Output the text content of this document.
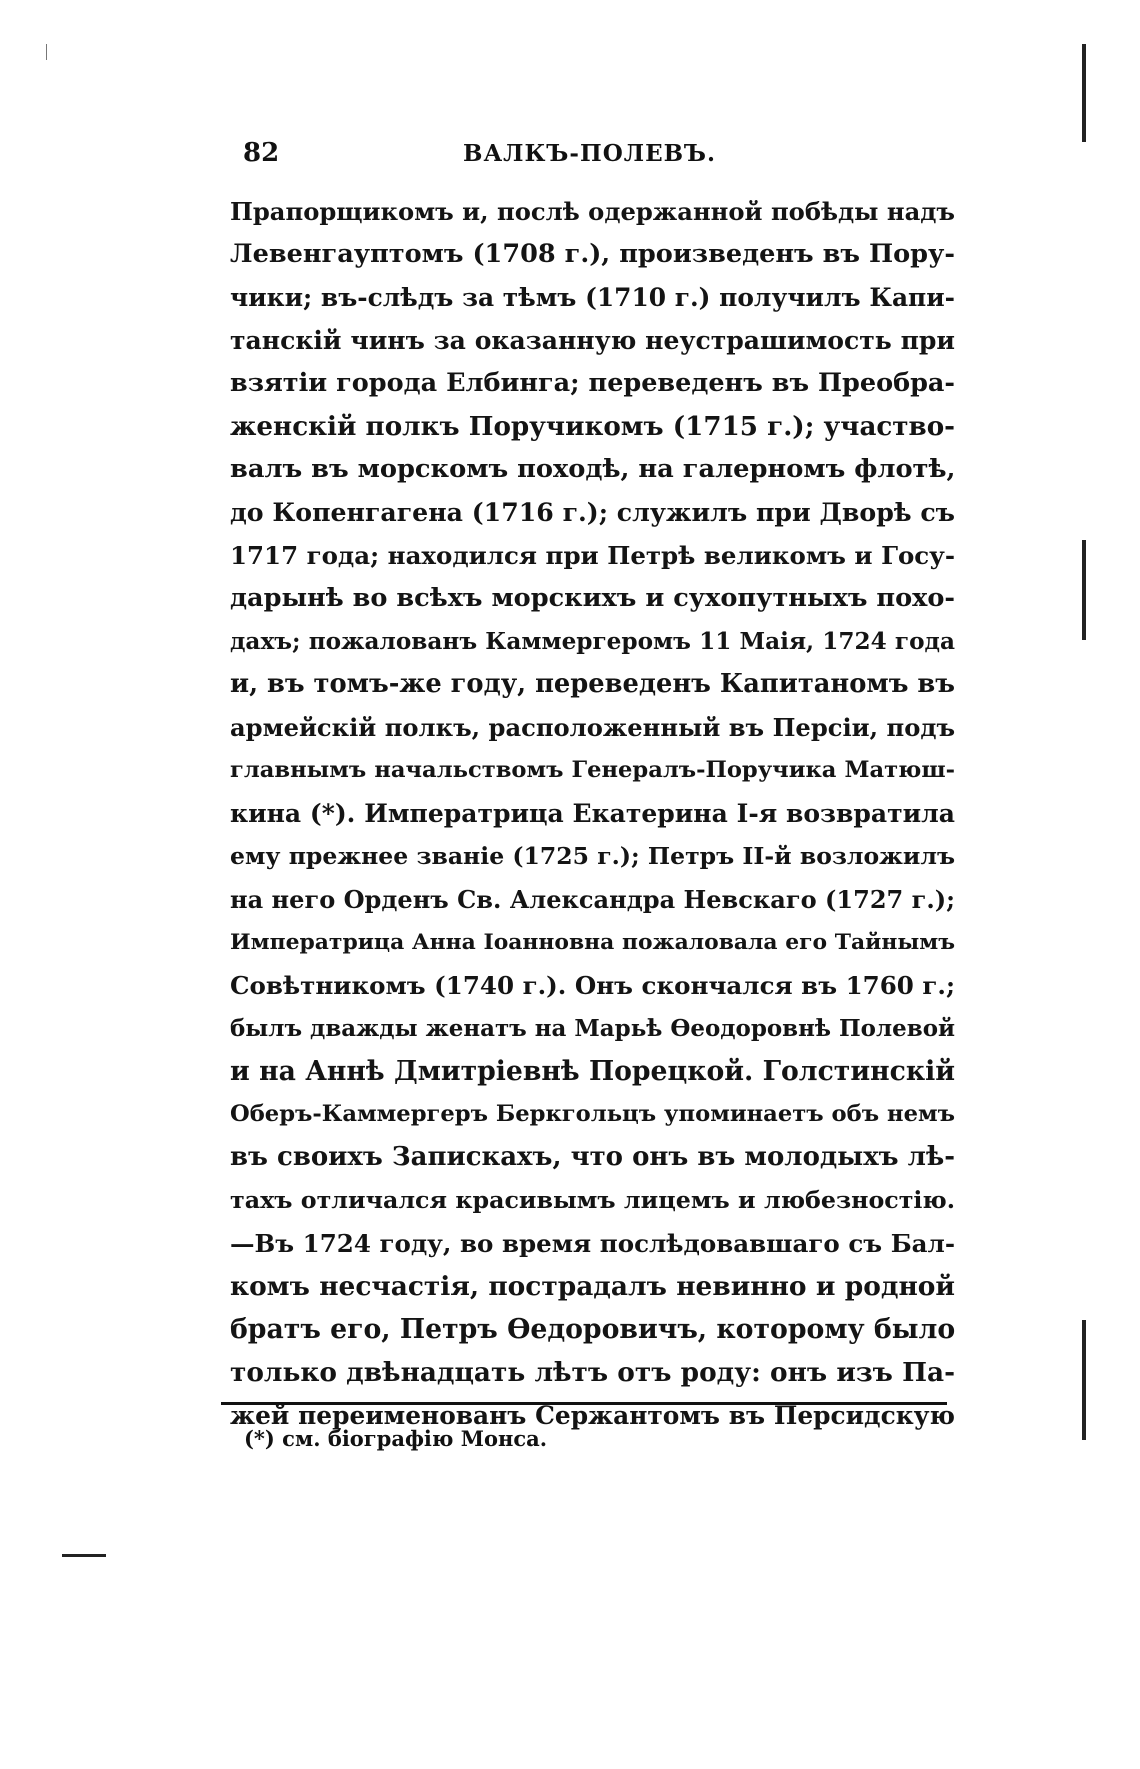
82	ВАЛКЪ-ПОЛЕВЪ.
Прапорщикомъ и, послѣ одержанной побѣды надъ
Левенгауптомъ (1708 г.), произведенъ въ Пору-
чики; въ-слѣдъ за тѣмъ (1710 г.) получилъ Капи-
танскій чинъ за оказанную неустрашимость при
взятіи города Елбинга; переведенъ въ Преобра-
женскій полкъ Поручикомъ (1715 г.); участво-
валъ въ морскомъ походѣ, на галерномъ флотѣ,
до Копенгагена (1716 г.); служилъ при Дворѣ съ
1717 года; находился при Петрѣ великомъ и Госу-
дарынѣ во всѣхъ морскихъ и сухопутныхъ похо-
дахъ; пожалованъ Каммергеромъ 11 Маія, 1724 года
и, въ томъ-же году, переведенъ Капитаномъ въ
армейскій полкъ, расположенный въ Персіи, подъ
главнымъ начальствомъ Генералъ-Поручика Матюш-
кина (*). Императрица Екатерина I-я возвратила
ему прежнее званіе (1725 г.); Петръ II-й возложилъ
на него Орденъ Св. Александра Невскаго (1727 г.);
Императрица Анна Іоанновна пожаловала его Тайнымъ
Совѣтникомъ (1740 г.). Онъ скончался въ 1760 г.;
былъ дважды женатъ на Марьѣ Ѳеодоровнѣ Полевой
и на Аннѣ Дмитріевнѣ Порецкой. Голстинскій
Оберъ-Каммергеръ Беркгольцъ упоминаетъ объ немъ
въ своихъ Запискахъ, что онъ въ молодыхъ лѣ-
тахъ отличался красивымъ лицемъ и любезностію.
—Въ 1724 году, во время послѣдовавшаго съ Бал-
комъ несчастія, пострадалъ невинно и родной
братъ его, Петръ Ѳедоровичъ, которому было
только двѣнадцать лѣтъ отъ роду: онъ изъ Па-
жей переименованъ Сержантомъ въ Персидскую
(*) см. біографію Монса.
